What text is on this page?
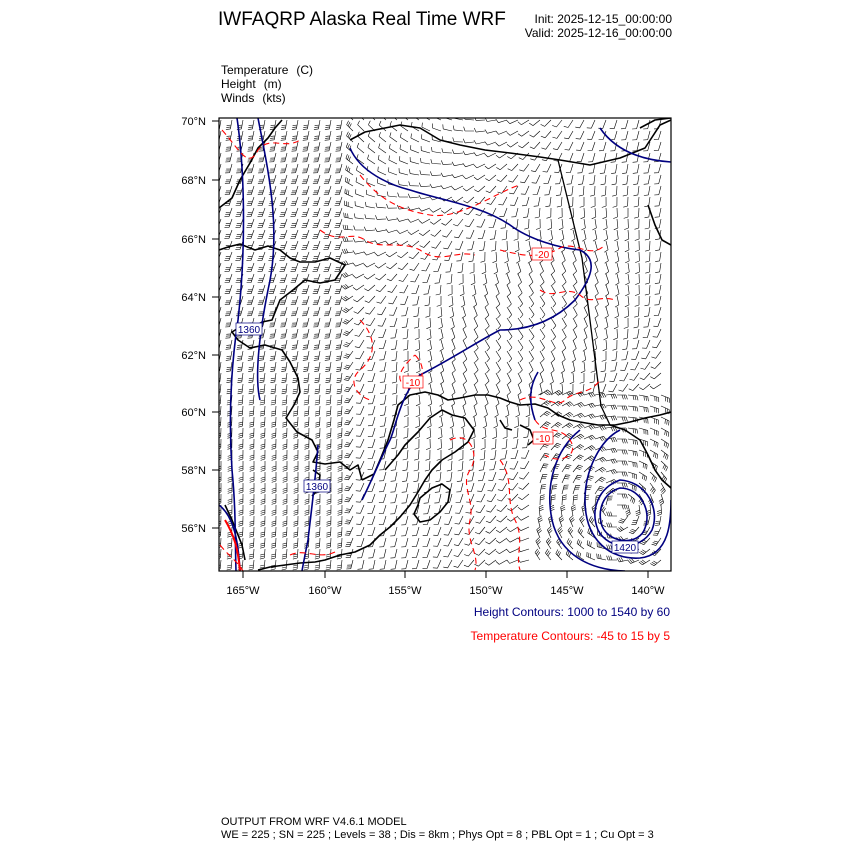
IWFAQRP Alaska Real Time WRF Init: 2025-12-15_00:00:00
Valid: 2025-12-16_00:00:00
Temperature (C)
Height (m)
Winds (kts)
70°N
68°N
66°N
64°N
62°N
60°N
58°N
56°N
165°W	160°W	155°W	150°W	145°W	140°W
1360
1360
1420
-20
-10
-10
Height Contours: 1000 to 1540 by 60
Temperature Contours: -45 to 15 by 5
OUTPUT FROM WRF V4.6.1 MODEL
WE = 225 ; SN = 225 ; Levels = 38 ; Dis = 8km ; Phys Opt = 8 ; PBL Opt = 1 ; Cu Opt = 3
